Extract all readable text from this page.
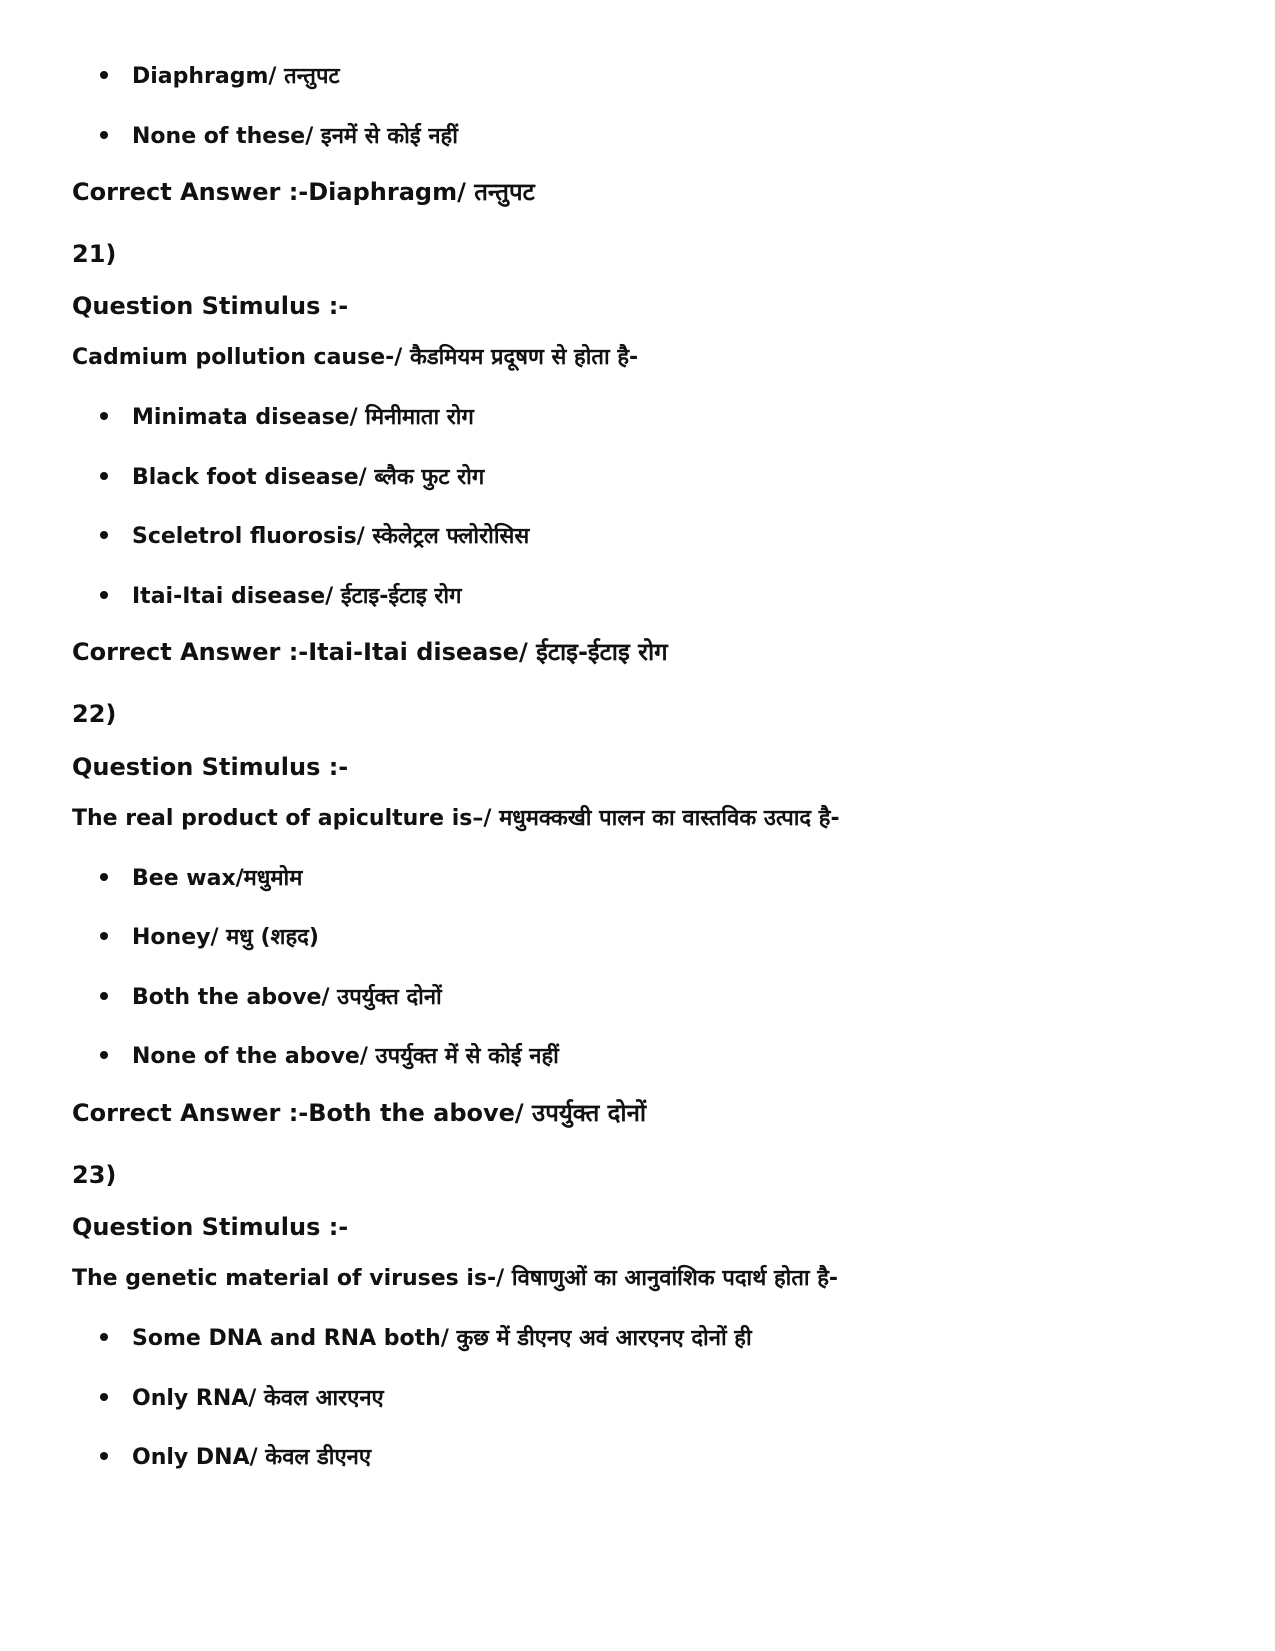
Diaphragm/ तन्तुपट
None of these/ इनमें से कोई नहीं
Correct Answer :-Diaphragm/ तन्तुपट
21)
Question Stimulus :-
Cadmium pollution cause-/ कैडमियम प्रदूषण से होता है-
Minimata disease/ मिनीमाता रोग
Black foot disease/ ब्लैक फुट रोग
Sceletrol fluorosis/ स्केलेट्रल फ्लोरोसिस
Itai-Itai disease/ ईटाइ-ईटाइ रोग
Correct Answer :-Itai-Itai disease/ ईटाइ-ईटाइ रोग
22)
Question Stimulus :-
The real product of apiculture is–/ मधुमक्कखी पालन का वास्तविक उत्पाद है-
Bee wax/मधुमोम
Honey/ मधु (शहद)
Both the above/ उपर्युक्त दोनों
None of the above/ उपर्युक्त में से कोई नहीं
Correct Answer :-Both the above/ उपर्युक्त दोनों
23)
Question Stimulus :-
The genetic material of viruses is-/ विषाणुओं का आनुवांशिक पदार्थ होता है-
Some DNA and RNA both/ कुछ में डीएनए अवं आरएनए दोनों ही
Only RNA/ केवल आरएनए
Only DNA/ केवल डीएनए
